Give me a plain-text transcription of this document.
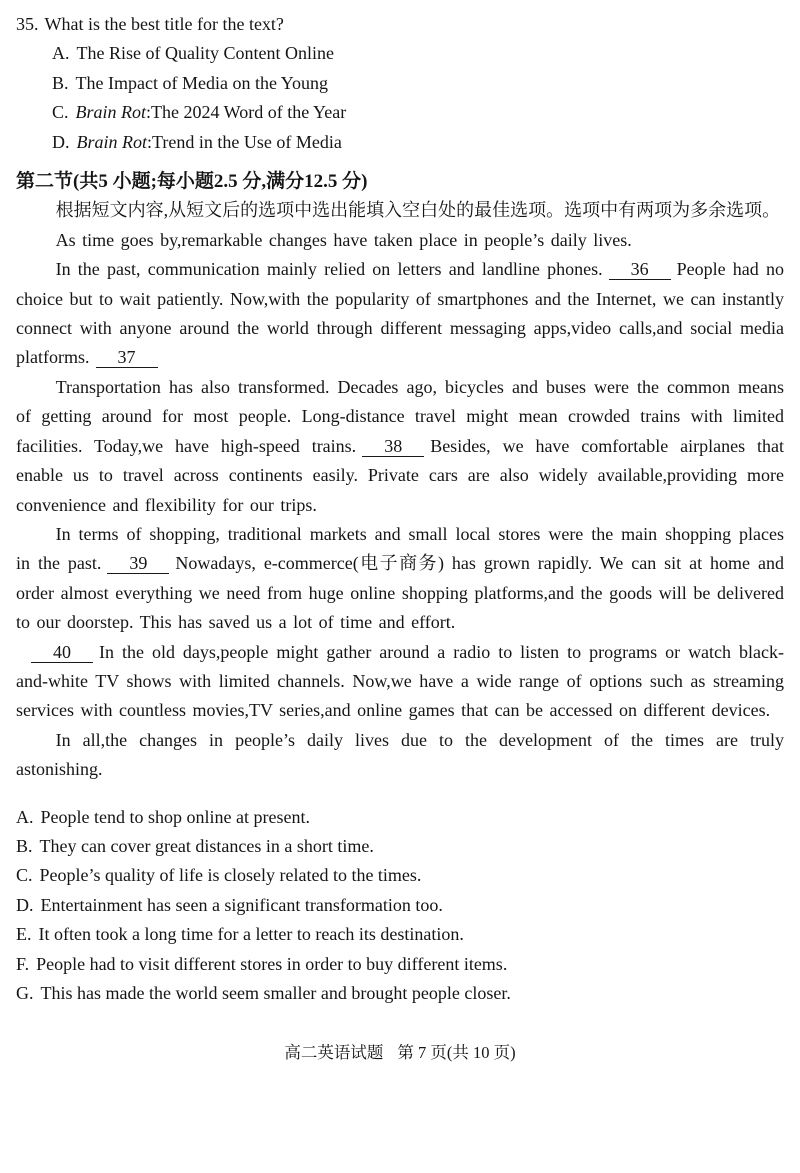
35. What is the best title for the text?
A. The Rise of Quality Content Online
B. The Impact of Media on the Young
C. Brain Rot:The 2024 Word of the Year
D. Brain Rot:Trend in the Use of Media
第二节(共5 小题;每小题2.5 分,满分12.5 分)
根据短文内容,从短文后的选项中选出能填入空白处的最佳选项。选项中有两项为多余选项。

As time goes by,remarkable changes have taken place in people’s daily lives.

In the past, communication mainly relied on letters and landline phones. 36 People had no choice but to wait patiently. Now,with the popularity of smartphones and the Internet, we can instantly connect with anyone around the world through different messaging apps,video calls,and social media platforms. 37

Transportation has also transformed. Decades ago, bicycles and buses were the common means of getting around for most people. Long-distance travel might mean crowded trains with limited facilities. Today,we have high-speed trains. 38 Besides, we have comfortable airplanes that enable us to travel across continents easily. Private cars are also widely available,providing more convenience and flexibility for our trips.

In terms of shopping, traditional markets and small local stores were the main shopping places in the past. 39 Nowadays, e-commerce(电子商务) has grown rapidly. We can sit at home and order almost everything we need from huge online shopping platforms,and the goods will be delivered to our doorstep. This has saved us a lot of time and effort.

40 In the old days,people might gather around a radio to listen to programs or watch black-and-white TV shows with limited channels. Now,we have a wide range of options such as streaming services with countless movies,TV series,and online games that can be accessed on different devices.

In all,the changes in people’s daily lives due to the development of the times are truly astonishing.

A. People tend to shop online at present.
B. They can cover great distances in a short time.
C. People’s quality of life is closely related to the times.
D. Entertainment has seen a significant transformation too.
E. It often took a long time for a letter to reach its destination.
F. People had to visit different stores in order to buy different items.
G. This has made the world seem smaller and brought people closer.
高二英语试题 第 7 页(共 10 页)
